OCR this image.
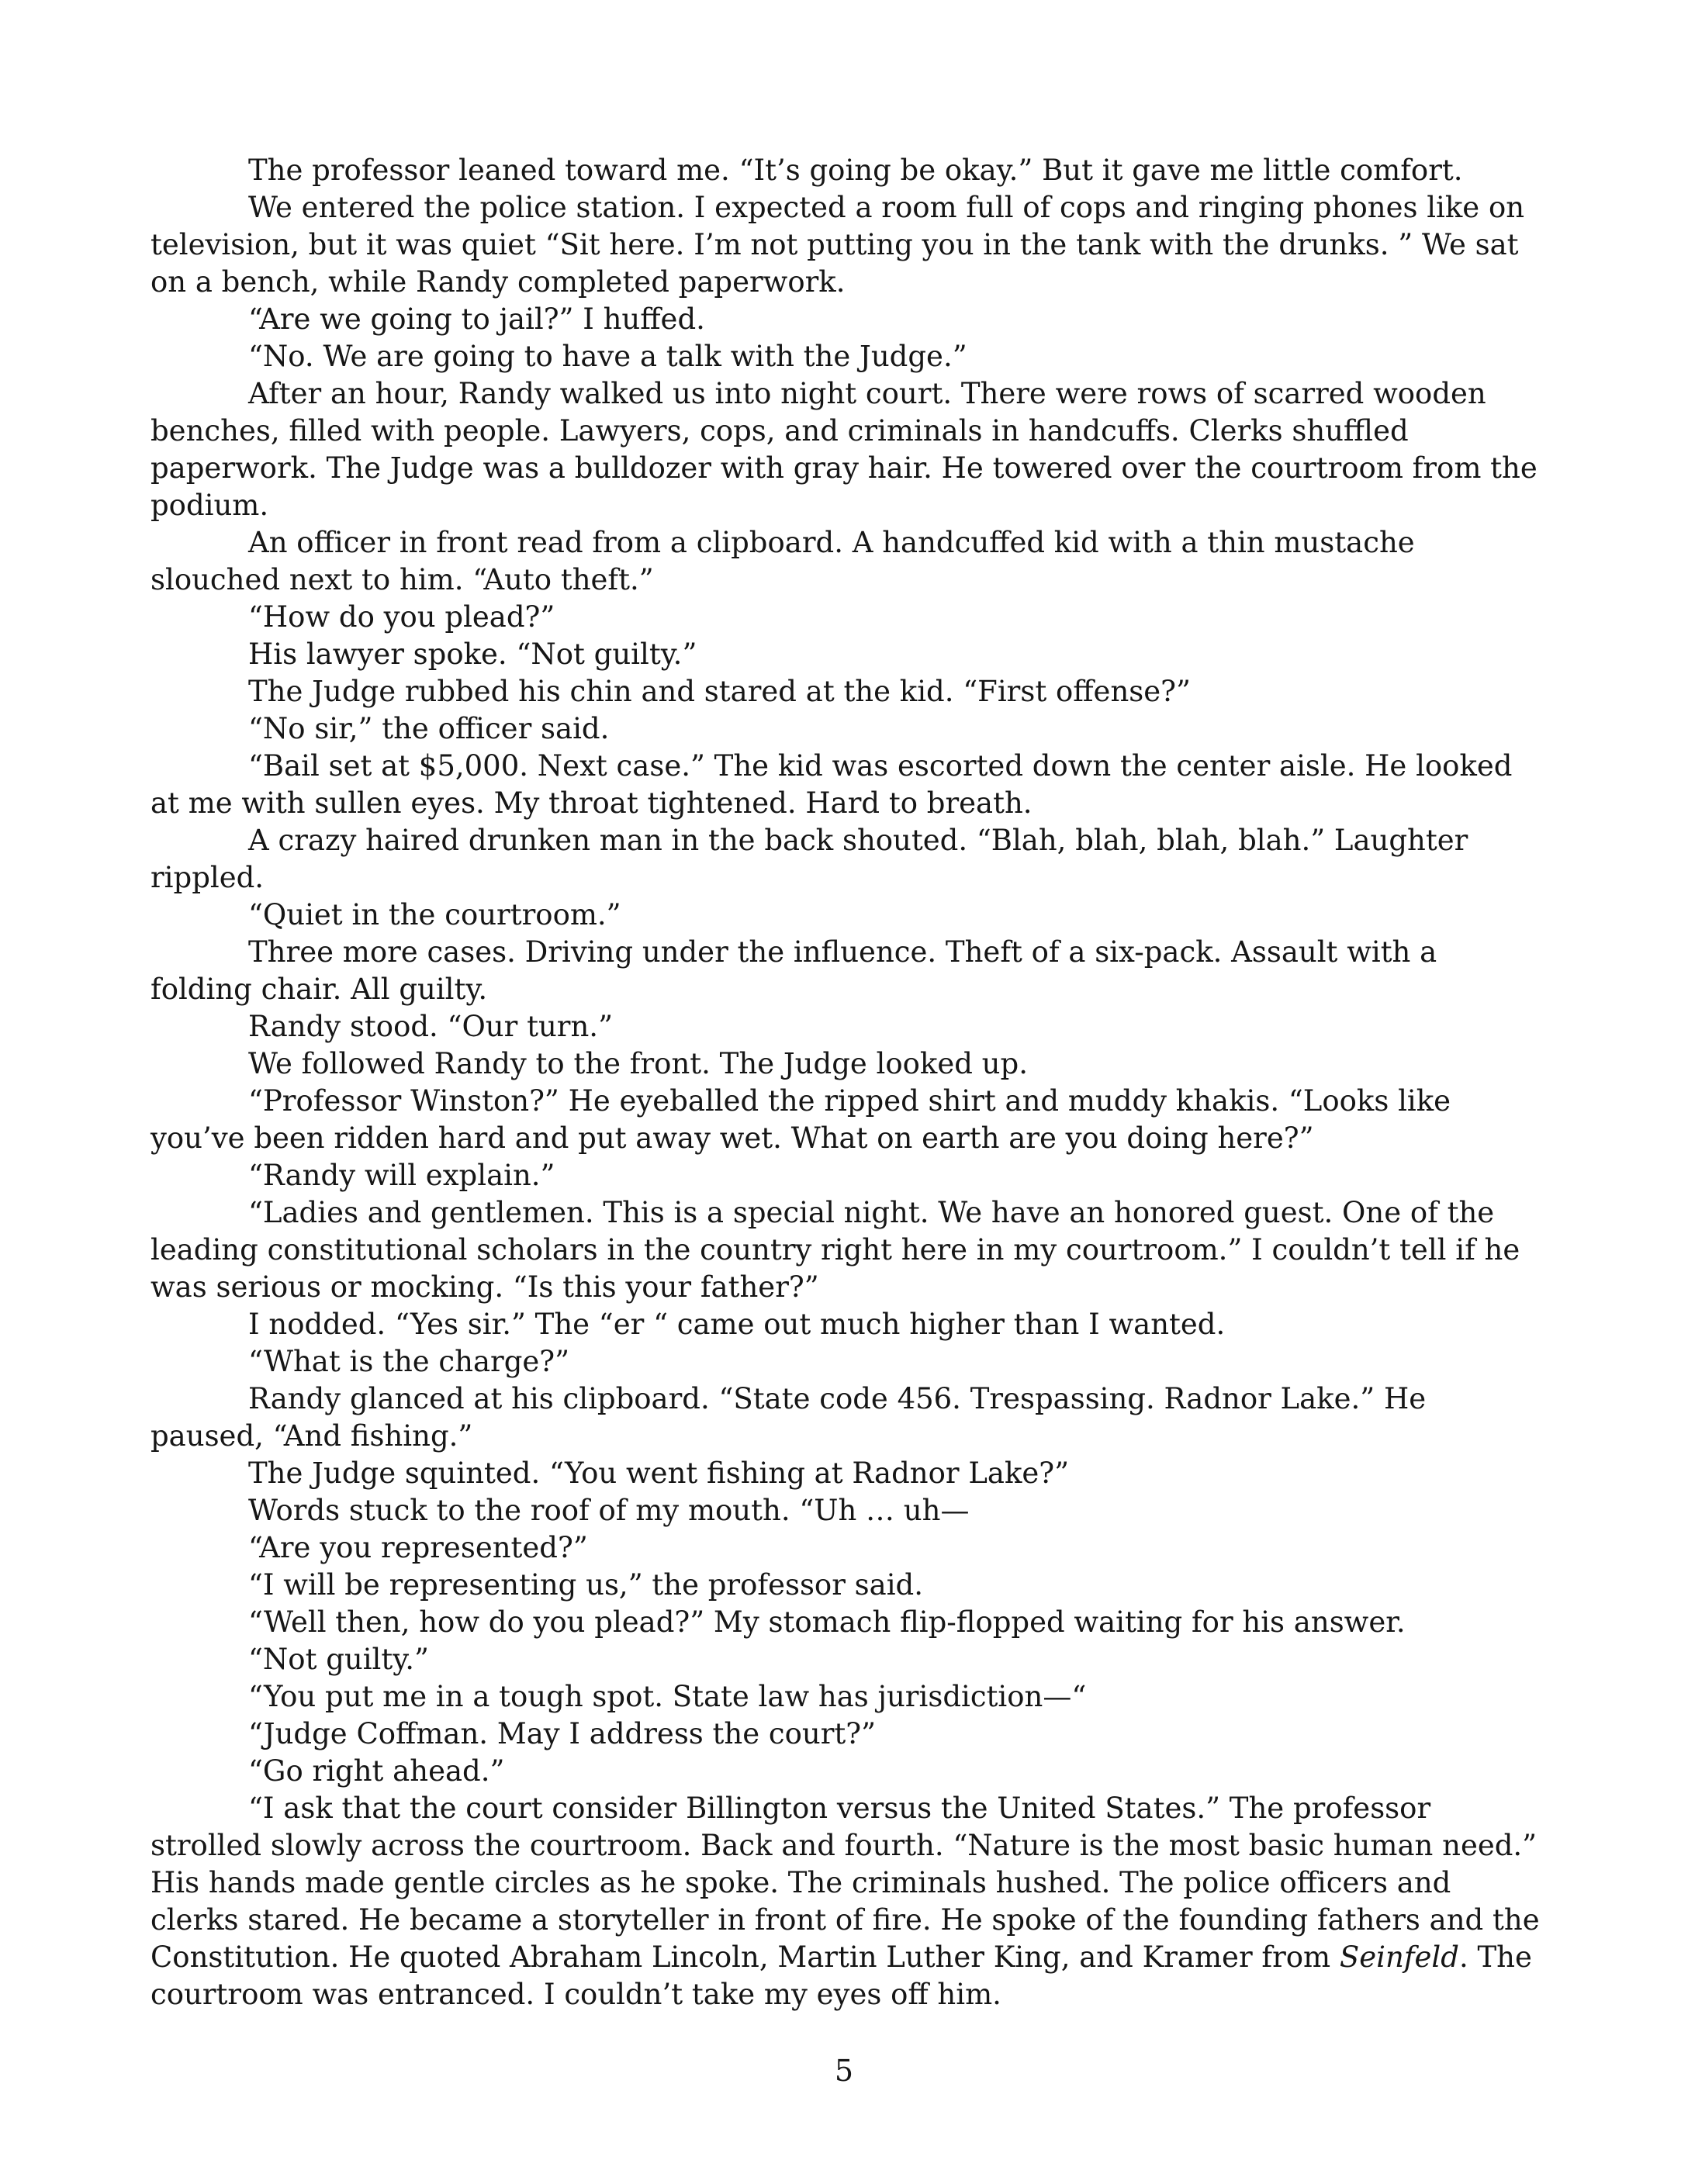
The professor leaned toward me. “It’s going be okay.” But it gave me little comfort.

We entered the police station. I expected a room full of cops and ringing phones like on television, but it was quiet “Sit here. I’m not putting you in the tank with the drunks. ” We sat on a bench, while Randy completed paperwork.

“Are we going to jail?” I huffed.

“No. We are going to have a talk with the Judge.”

After an hour, Randy walked us into night court. There were rows of scarred wooden benches, filled with people. Lawyers, cops, and criminals in handcuffs. Clerks shuffled paperwork. The Judge was a bulldozer with gray hair. He towered over the courtroom from the podium.

An officer in front read from a clipboard. A handcuffed kid with a thin mustache slouched next to him. “Auto theft.”

“How do you plead?”

His lawyer spoke. “Not guilty.”

The Judge rubbed his chin and stared at the kid. “First offense?”

“No sir,” the officer said.

“Bail set at $5,000. Next case.” The kid was escorted down the center aisle. He looked at me with sullen eyes. My throat tightened. Hard to breath.

A crazy haired drunken man in the back shouted. “Blah, blah, blah, blah.” Laughter rippled.

“Quiet in the courtroom.”

Three more cases. Driving under the influence. Theft of a six-pack. Assault with a folding chair. All guilty.

Randy stood. “Our turn.”

We followed Randy to the front. The Judge looked up.

“Professor Winston?” He eyeballed the ripped shirt and muddy khakis. “Looks like you’ve been ridden hard and put away wet. What on earth are you doing here?”

“Randy will explain.”

“Ladies and gentlemen. This is a special night. We have an honored guest. One of the leading constitutional scholars in the country right here in my courtroom.” I couldn’t tell if he was serious or mocking. “Is this your father?”

I nodded. “Yes sir.” The “er “ came out much higher than I wanted.

“What is the charge?”

Randy glanced at his clipboard. “State code 456. Trespassing. Radnor Lake.” He paused, “And fishing.”

The Judge squinted. “You went fishing at Radnor Lake?”

Words stuck to the roof of my mouth. “Uh … uh—

“Are you represented?”

“I will be representing us,” the professor said.

“Well then, how do you plead?” My stomach flip-flopped waiting for his answer.

“Not guilty.”

“You put me in a tough spot. State law has jurisdiction—“

“Judge Coffman. May I address the court?”

“Go right ahead.”

“I ask that the court consider Billington versus the United States.” The professor strolled slowly across the courtroom. Back and fourth. “Nature is the most basic human need.” His hands made gentle circles as he spoke. The criminals hushed. The police officers and clerks stared. He became a storyteller in front of fire. He spoke of the founding fathers and the Constitution. He quoted Abraham Lincoln, Martin Luther King, and Kramer from Seinfeld. The courtroom was entranced. I couldn’t take my eyes off him.

5
